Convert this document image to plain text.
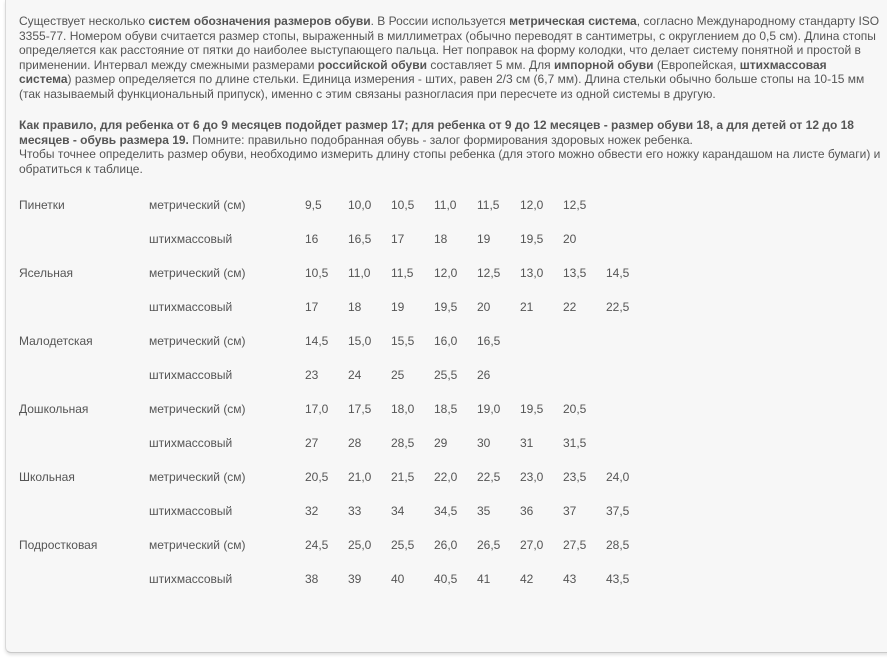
Существует несколько систем обозначения размеров обуви. В России используется метрическая система, согласно Международному стандарту ISO 3355-77. Номером обуви считается размер стопы, выраженный в миллиметрах (обычно переводят в сантиметры, с округлением до 0,5 см). Длина стопы определяется как расстояние от пятки до наиболее выступающего пальца. Нет поправок на форму колодки, что делает систему понятной и простой в применении. Интервал между смежными размерами российской обуви составляет 5 мм. Для импорной обуви (Европейская, штихмассовая система) размер определяется по длине стельки. Единица измерения - штих, равен 2/3 см (6,7 мм). Длина стельки обычно больше стопы на 10-15 мм (так называемый функциональный припуск), именно с этим связаны разногласия при пересчете из одной системы в другую.

Как правило, для ребенка от 6 до 9 месяцев подойдет размер 17; для ребенка от 9 до 12 месяцев - размер обуви 18, а для детей от 12 до 18 месяцев - обувь размера 19. Помните: правильно подобранная обувь - залог формирования здоровых ножек ребенка.
Чтобы точнее определить размер обуви, необходимо измерить длину стопы ребенка (для этого можно обвести его ножку карандашом на листе бумаги) и обратиться к таблице.

Пинетки	метрический (см)	9,5	10,0	10,5	11,0	11,5	12,0	12,5	
	штихмассовый	16	16,5	17	18	19	19,5	20	
Ясельная	метрический (см)	10,5	11,0	11,5	12,0	12,5	13,0	13,5	14,5
	штихмассовый	17	18	19	19,5	20	21	22	22,5
Малодетская	метрический (см)	14,5	15,0	15,5	16,0	16,5			
	штихмассовый	23	24	25	25,5	26			
Дошкольная	метрический (см)	17,0	17,5	18,0	18,5	19,0	19,5	20,5	
	штихмассовый	27	28	28,5	29	30	31	31,5	
Школьная	метрический (см)	20,5	21,0	21,5	22,0	22,5	23,0	23,5	24,0
	штихмассовый	32	33	34	34,5	35	36	37	37,5
Подростковая	метрический (см)	24,5	25,0	25,5	26,0	26,5	27,0	27,5	28,5
	штихмассовый	38	39	40	40,5	41	42	43	43,5
